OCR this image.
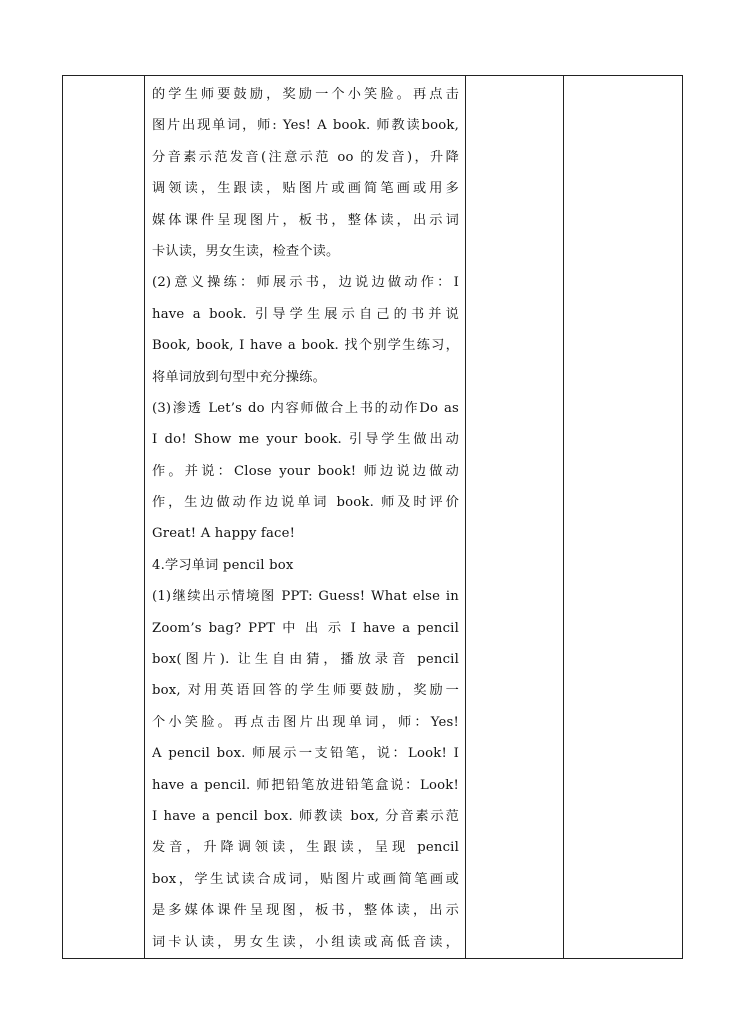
的学生师要鼓励，奖励一个小笑脸。再点击
图片出现单词，师: Yes! A book. 师教读book,
分音素示范发音(注意示范 oo 的发音)，升降
调领读，生跟读，贴图片或画简笔画或用多
媒体课件呈现图片，板书，整体读，出示词
卡认读，男女生读，检查个读。
(2)意义操练：师展示书，边说边做动作：I
have a book. 引导学生展示自己的书并说
Book, book, I have a book. 找个别学生练习，
将单词放到句型中充分操练。
(3)渗透 Let’s do 内容师做合上书的动作Do as
I do! Show me your book. 引导学生做出动
作。并说：Close your book! 师边说边做动
作，生边做动作边说单词 book. 师及时评价
Great! A happy face!
4.学习单词 pencil box
(1)继续出示情境图 PPT: Guess! What else in
Zoom’s bag? PPT 中 出 示 I have a pencil
box(图片). 让生自由猜，播放录音 pencil
box, 对用英语回答的学生师要鼓励，奖励一
个小笑脸。再点击图片出现单词，师：Yes!
A pencil box. 师展示一支铅笔，说：Look! I
have a pencil. 师把铅笔放进铅笔盒说：Look!
I have a pencil box. 师教读 box, 分音素示范
发音，升降调领读，生跟读，呈现 pencil
box，学生试读合成词，贴图片或画简笔画或
是多媒体课件呈现图，板书，整体读，出示
词卡认读，男女生读，小组读或高低音读，
